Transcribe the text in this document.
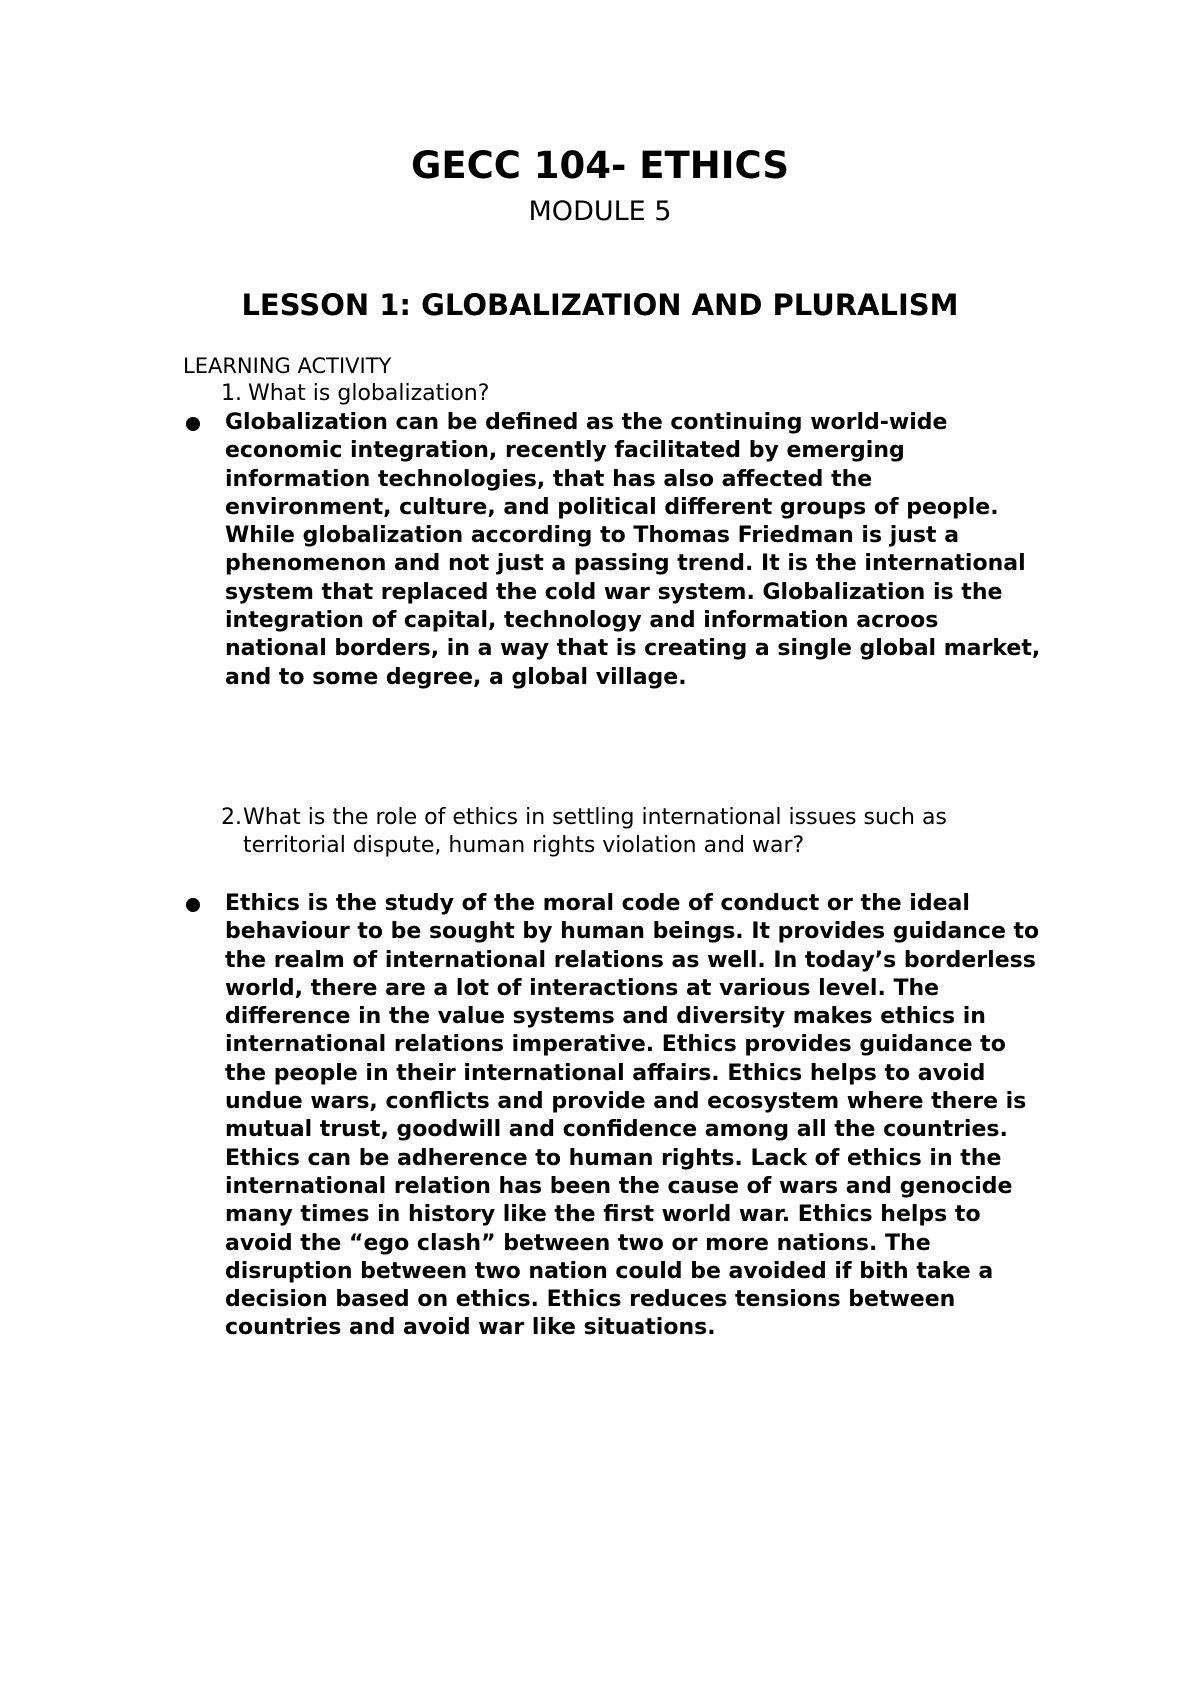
GECC 104- ETHICS
MODULE 5
LESSON 1: GLOBALIZATION AND PLURALISM
LEARNING ACTIVITY
1. What is globalization?

Globalization can be defined as the continuing world-wide economic integration, recently facilitated by emerging information technologies, that has also affected the environment, culture, and political different groups of people. While globalization according to Thomas Friedman is just a phenomenon and not just a passing trend. It is the international system that replaced the cold war system. Globalization is the integration of capital, technology and information acroos national borders, in a way that is creating a single global market, and to some degree, a global village.

2. What is the role of ethics in settling international issues such as territorial dispute, human rights violation and war?

Ethics is the study of the moral code of conduct or the ideal behaviour to be sought by human beings. It provides guidance to the realm of international relations as well. In today’s borderless world, there are a lot of interactions at various level. The difference in the value systems and diversity makes ethics in international relations imperative. Ethics provides guidance to the people in their international affairs. Ethics helps to avoid undue wars, conflicts and provide and ecosystem where there is mutual trust, goodwill and confidence among all the countries. Ethics can be adherence to human rights. Lack of ethics in the international relation has been the cause of wars and genocide many times in history like the first world war. Ethics helps to avoid the “ego clash” between two or more nations. The disruption between two nation could be avoided if bith take a decision based on ethics. Ethics reduces tensions between countries and avoid war like situations.
